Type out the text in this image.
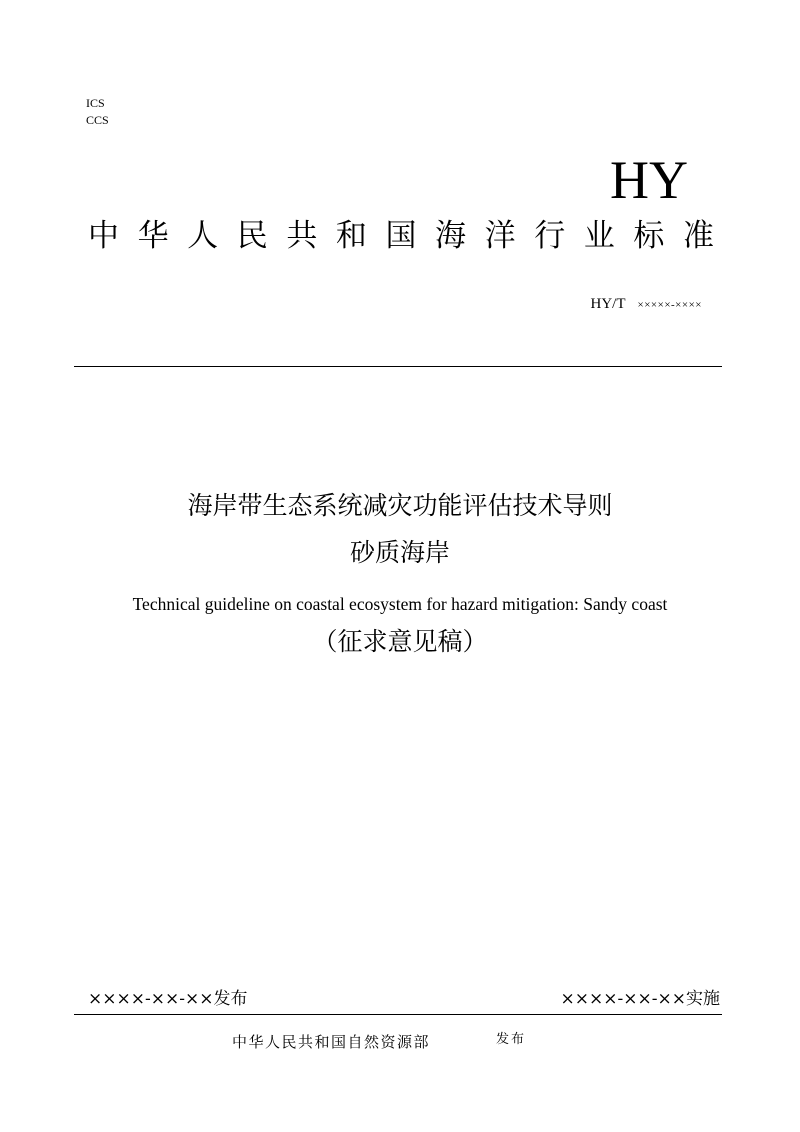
ICS
CCS
HY
中 华 人 民 共 和 国 海 洋 行 业 标 准
HY/T ×××××-××××
海岸带生态系统减灾功能评估技术导则
砂质海岸
Technical guideline on coastal ecosystem for hazard mitigation: Sandy coast
（征求意见稿）
××××-××-××发布	××××-××-××实施
中华人民共和国自然资源部	发布
